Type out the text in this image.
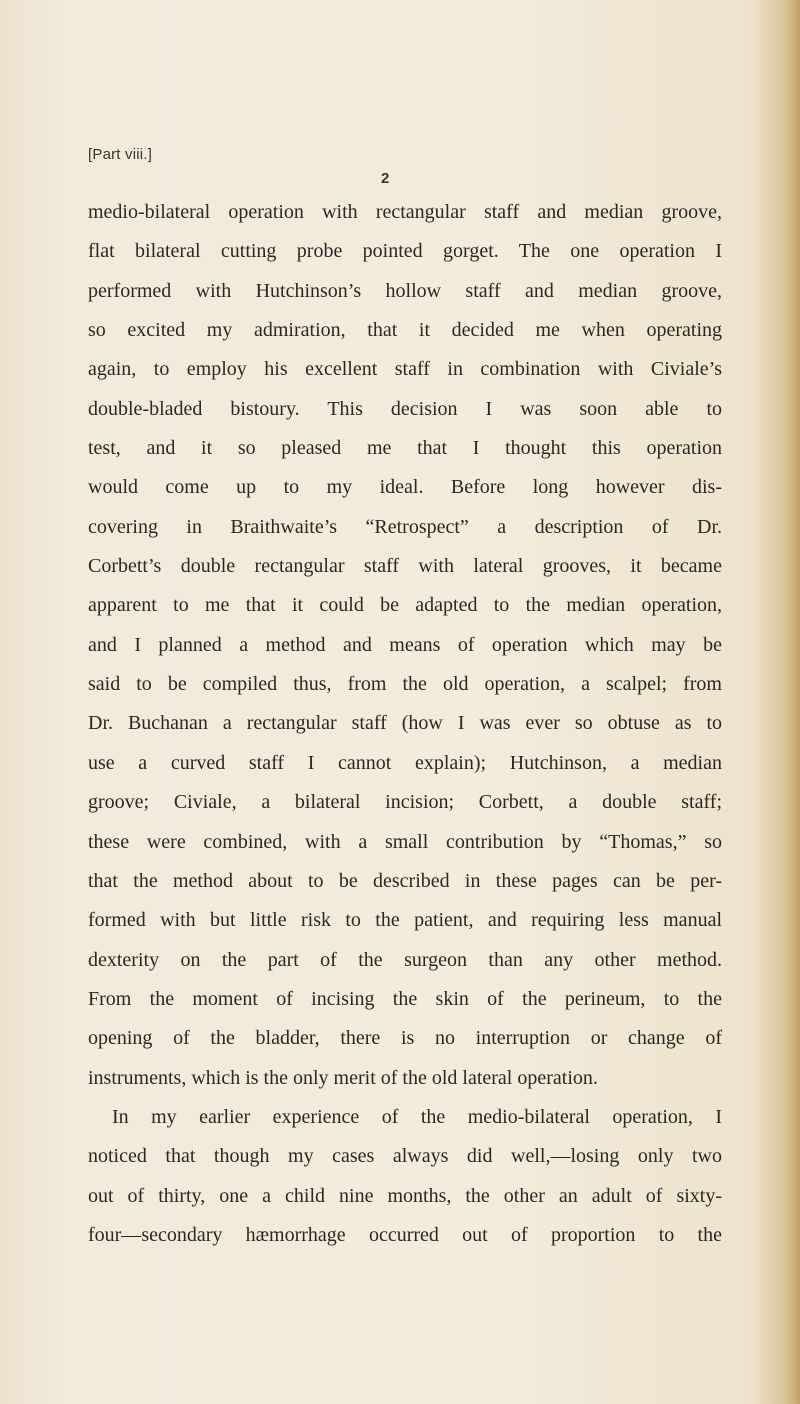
[Part viii.]
2
medio-bilateral operation with rectangular staff and median groove,
flat bilateral cutting probe pointed gorget. The one operation I
performed with Hutchinson’s hollow staff and median groove,
so excited my admiration, that it decided me when operating
again, to employ his excellent staff in combination with Civiale’s
double-bladed bistoury. This decision I was soon able to
test, and it so pleased me that I thought this operation
would come up to my ideal. Before long however dis-
covering in Braithwaite’s “Retrospect” a description of Dr.
Corbett’s double rectangular staff with lateral grooves, it became
apparent to me that it could be adapted to the median operation,
and I planned a method and means of operation which may be
said to be compiled thus, from the old operation, a scalpel; from
Dr. Buchanan a rectangular staff (how I was ever so obtuse as to
use a curved staff I cannot explain); Hutchinson, a median
groove; Civiale, a bilateral incision; Corbett, a double staff;
these were combined, with a small contribution by “Thomas,” so
that the method about to be described in these pages can be per-
formed with but little risk to the patient, and requiring less manual
dexterity on the part of the surgeon than any other method.
From the moment of incising the skin of the perineum, to the
opening of the bladder, there is no interruption or change of
instruments, which is the only merit of the old lateral operation.
In my earlier experience of the medio-bilateral operation, I
noticed that though my cases always did well,—losing only two
out of thirty, one a child nine months, the other an adult of sixty-
four—secondary hæmorrhage occurred out of proportion to the
